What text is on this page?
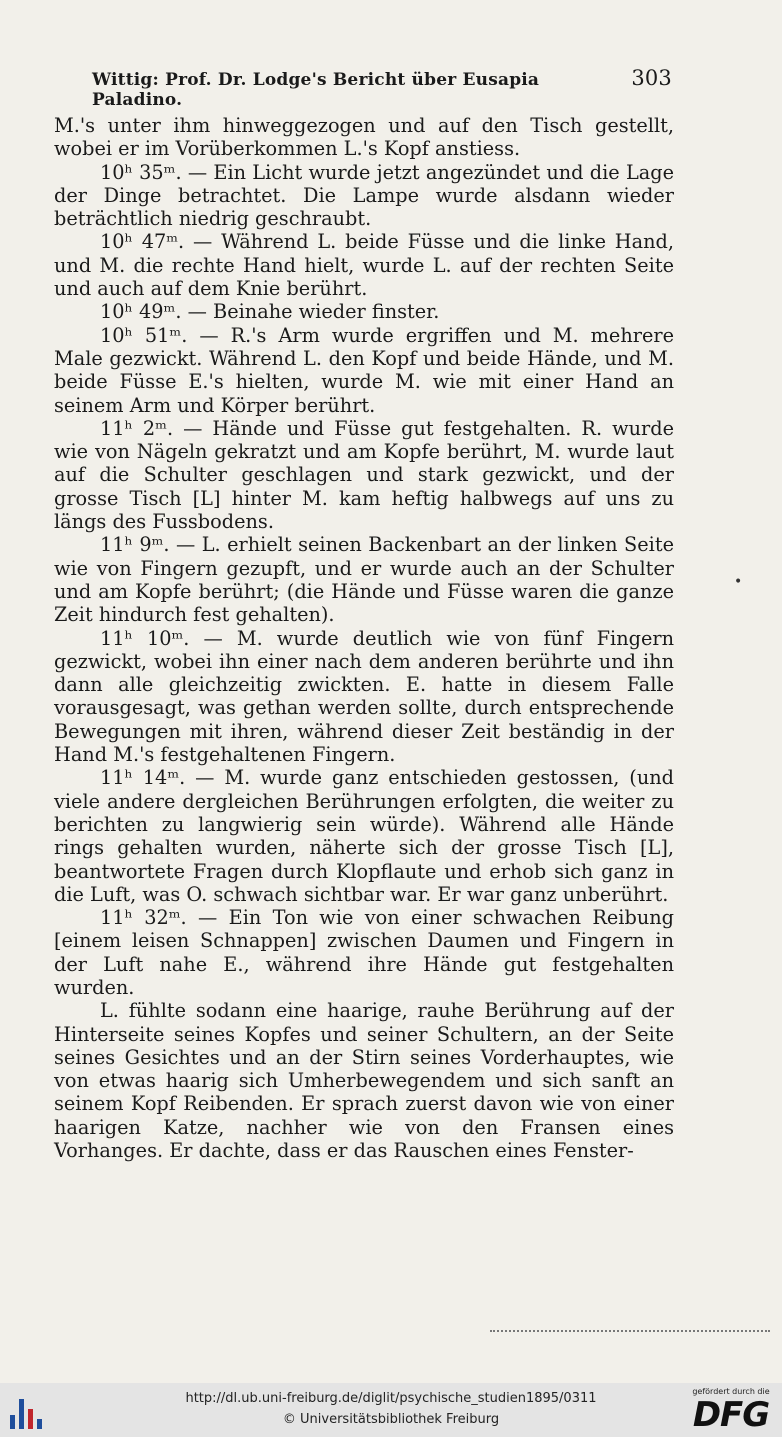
Wittig: Prof. Dr. Lodge's Bericht über Eusapia Paladino.
303

M.'s unter ihm hinweggezogen und auf den Tisch gestellt, wobei er im Vorüberkommen L.'s Kopf anstiess.

10ʰ 35ᵐ. — Ein Licht wurde jetzt angezündet und die Lage der Dinge betrachtet. Die Lampe wurde alsdann wieder beträchtlich niedrig geschraubt.

10ʰ 47ᵐ. — Während L. beide Füsse und die linke Hand, und M. die rechte Hand hielt, wurde L. auf der rechten Seite und auch auf dem Knie berührt.

10ʰ 49ᵐ. — Beinahe wieder finster.

10ʰ 51ᵐ. — R.'s Arm wurde ergriffen und M. mehrere Male gezwickt. Während L. den Kopf und beide Hände, und M. beide Füsse E.'s hielten, wurde M. wie mit einer Hand an seinem Arm und Körper berührt.

11ʰ 2ᵐ. — Hände und Füsse gut festgehalten. R. wurde wie von Nägeln gekratzt und am Kopfe berührt, M. wurde laut auf die Schulter geschlagen und stark gezwickt, und der grosse Tisch [L] hinter M. kam heftig halbwegs auf uns zu längs des Fussbodens.

11ʰ 9ᵐ. — L. erhielt seinen Backenbart an der linken Seite wie von Fingern gezupft, und er wurde auch an der Schulter und am Kopfe berührt; (die Hände und Füsse waren die ganze Zeit hindurch fest gehalten).

11ʰ 10ᵐ. — M. wurde deutlich wie von fünf Fingern gezwickt, wobei ihn einer nach dem anderen berührte und ihn dann alle gleichzeitig zwickten. E. hatte in diesem Falle vorausgesagt, was gethan werden sollte, durch entsprechende Bewegungen mit ihren, während dieser Zeit beständig in der Hand M.'s festgehaltenen Fingern.

11ʰ 14ᵐ. — M. wurde ganz entschieden gestossen, (und viele andere dergleichen Berührungen erfolgten, die weiter zu berichten zu langwierig sein würde). Während alle Hände rings gehalten wurden, näherte sich der grosse Tisch [L], beantwortete Fragen durch Klopflaute und erhob sich ganz in die Luft, was O. schwach sichtbar war. Er war ganz unberührt.

11ʰ 32ᵐ. — Ein Ton wie von einer schwachen Reibung [einem leisen Schnappen] zwischen Daumen und Fingern in der Luft nahe E., während ihre Hände gut festgehalten wurden.

L. fühlte sodann eine haarige, rauhe Berührung auf der Hinterseite seines Kopfes und seiner Schultern, an der Seite seines Gesichtes und an der Stirn seines Vorderhauptes, wie von etwas haarig sich Umherbewegendem und sich sanft an seinem Kopf Reibenden. Er sprach zuerst davon wie von einer haarigen Katze, nachher wie von den Fransen eines Vorhanges. Er dachte, dass er das Rauschen eines Fenster-

•
http://dl.ub.uni-freiburg.de/diglit/psychische_studien1895/0311
© Universitätsbibliothek Freiburg
gefördert durch die
DFG
